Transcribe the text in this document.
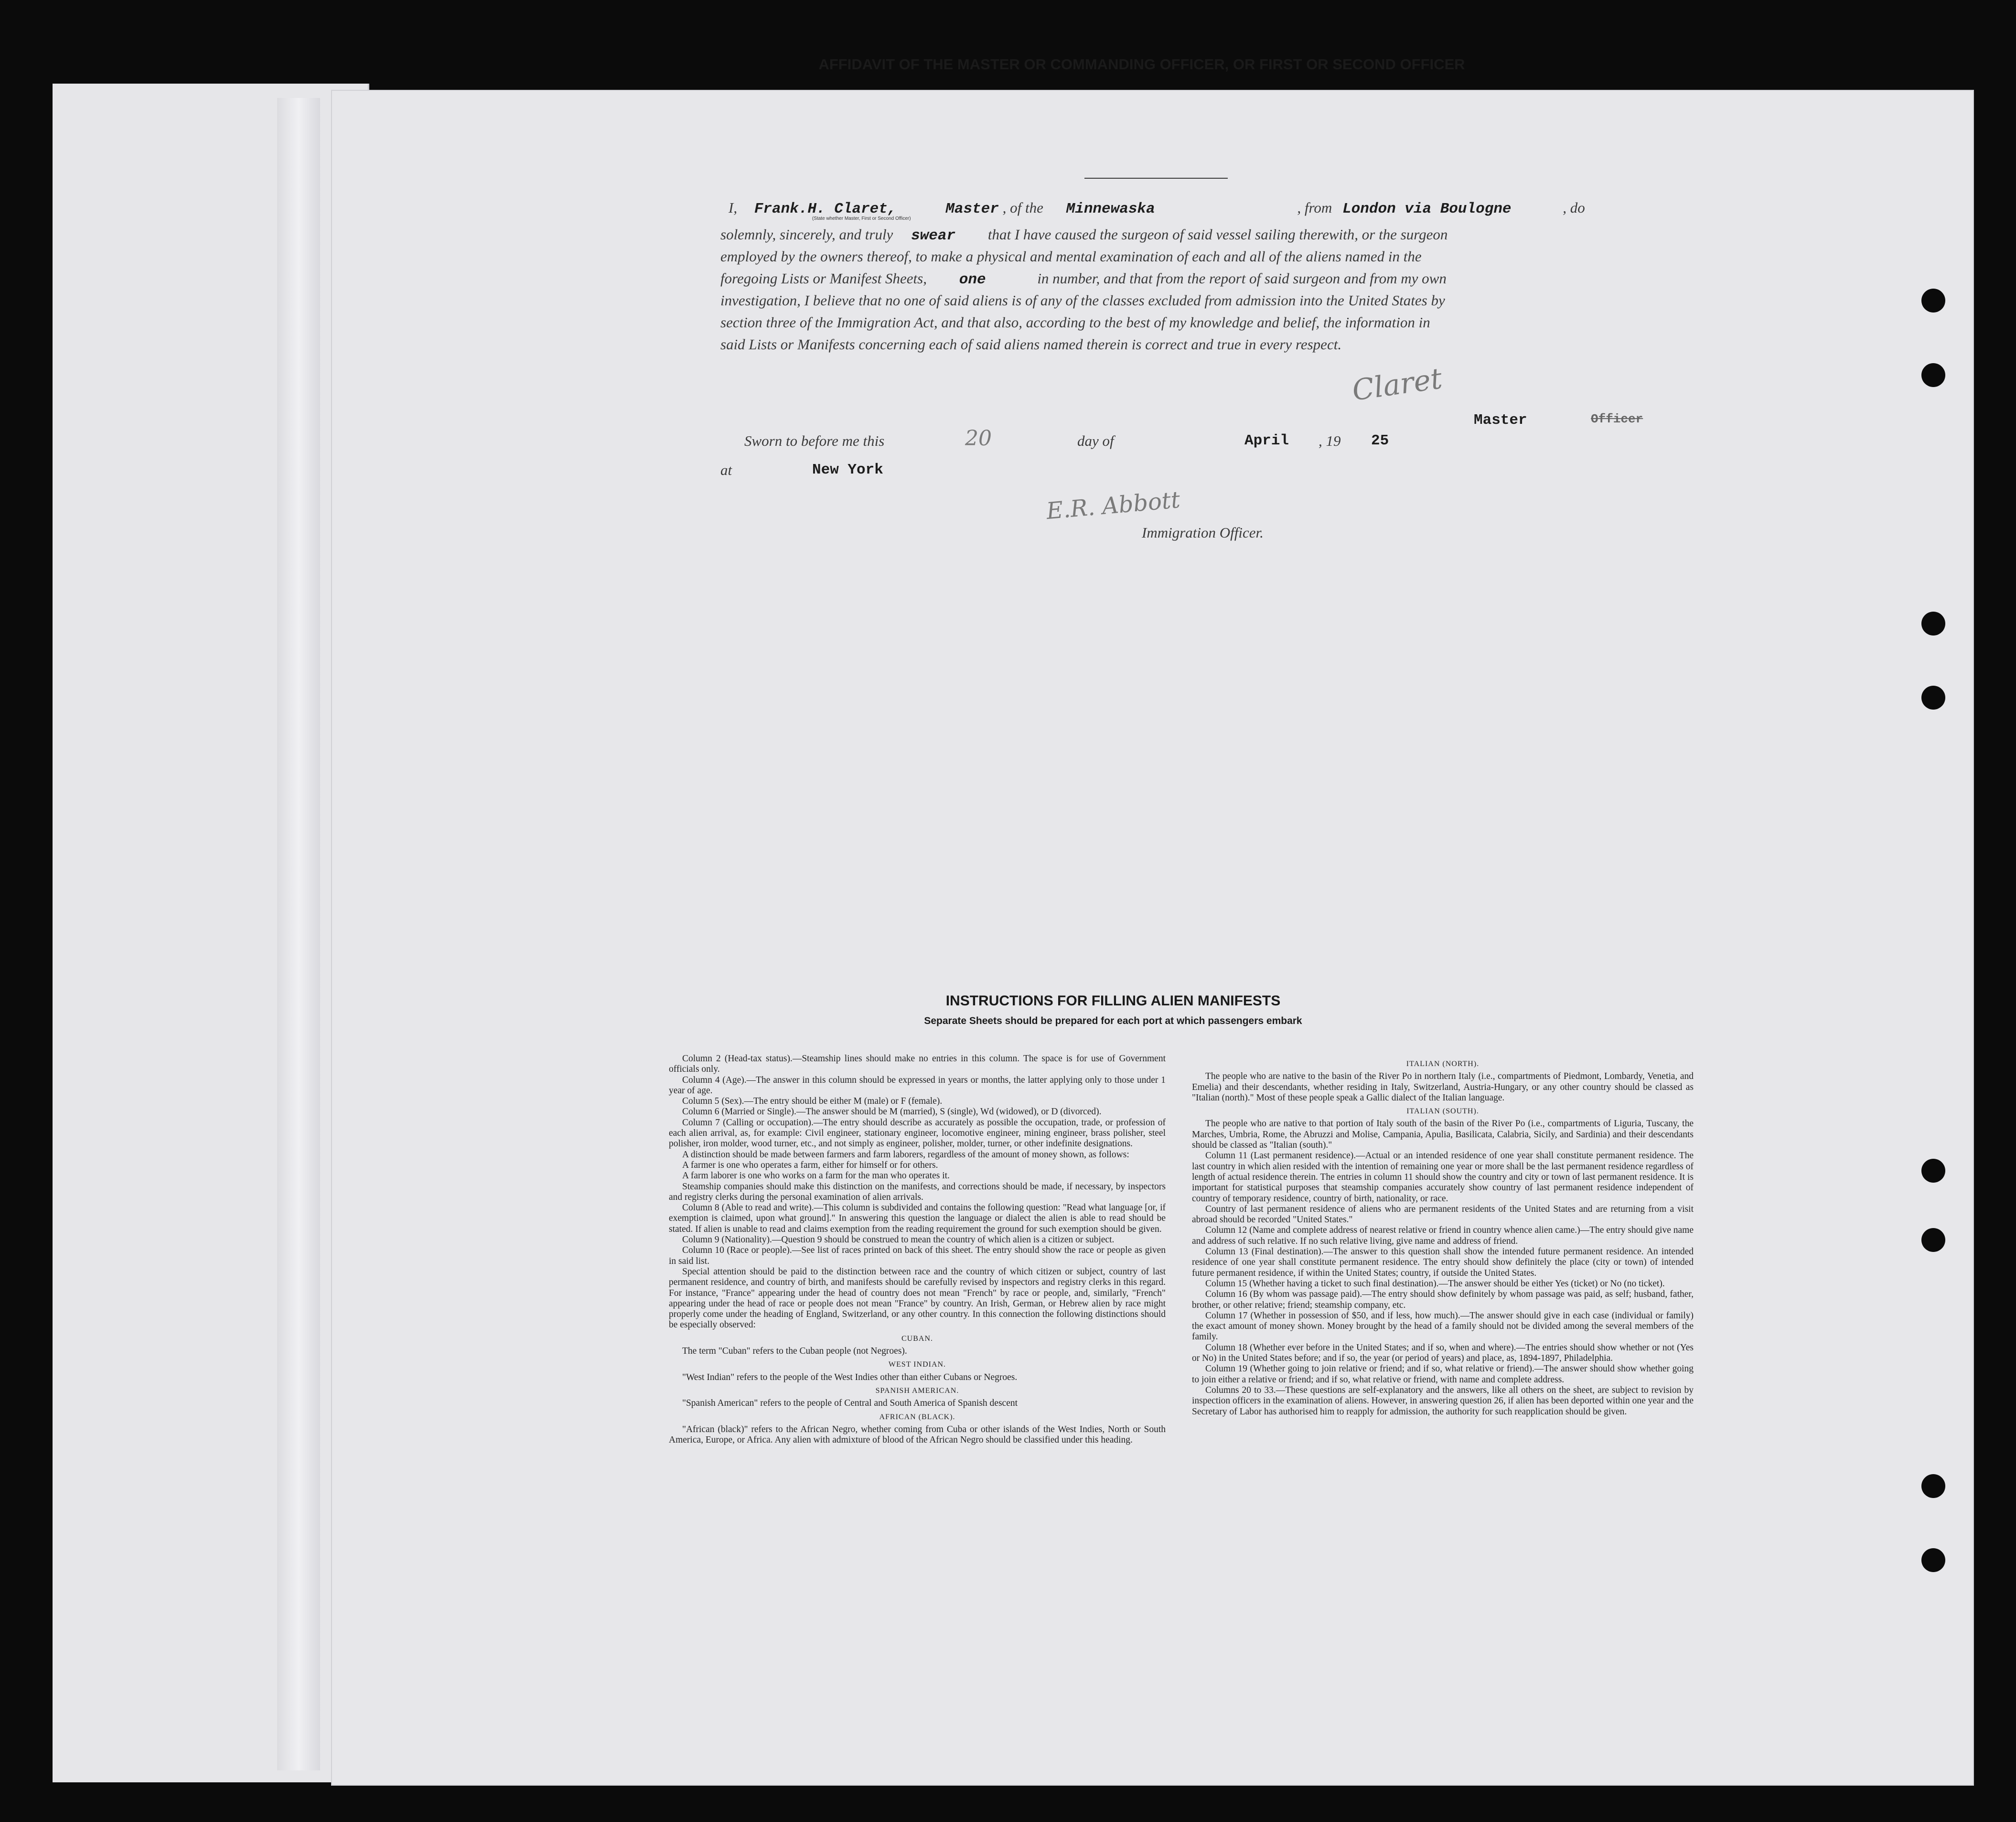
AFFIDAVIT OF THE MASTER OR COMMANDING OFFICER, OR FIRST OR SECOND OFFICER
I, Frank.H. Claret,	Master , of the Minnewaska	, from London via Boulogne	, do
(State whether Master, First or Second Officer)
solemnly, sincerely, and truly swear that I have caused the surgeon of said vessel sailing therewith, or the surgeon
employed by the owners thereof, to make a physical and mental examination of each and all of the aliens named in the
foregoing Lists or Manifest Sheets, one	in number, and that from the report of said surgeon and from my own
investigation, I believe that no one of said aliens is of any of the classes excluded from admission into the United States by
section three of the Immigration Act, and that also, according to the best of my knowledge and belief, the information in
said Lists or Manifests concerning each of said aliens named therein is correct and true in every respect.
Claret
Master	Officer
Sworn to before me this	20	day of	April , 19 25
at	New York
E.R. Abbott
Immigration Officer.
INSTRUCTIONS FOR FILLING ALIEN MANIFESTS
Separate Sheets should be prepared for each port at which passengers embark

Column 2 (Head-tax status).—Steamship lines should make no entries in this column. The space is for use of Government officials only.

Column 4 (Age).—The answer in this column should be expressed in years or months, the latter applying only to those under 1 year of age.

Column 5 (Sex).—The entry should be either M (male) or F (female).

Column 6 (Married or Single).—The answer should be M (married), S (single), Wd (widowed), or D (divorced).

Column 7 (Calling or occupation).—The entry should describe as accurately as possible the occupation, trade, or profession of each alien arrival, as, for example: Civil engineer, stationary engineer, locomotive engineer, mining engineer, brass polisher, steel polisher, iron molder, wood turner, etc., and not simply as engineer, polisher, molder, turner, or other indefinite designations.

A distinction should be made between farmers and farm laborers, regardless of the amount of money shown, as follows:

A farmer is one who operates a farm, either for himself or for others.

A farm laborer is one who works on a farm for the man who operates it.

Steamship companies should make this distinction on the manifests, and corrections should be made, if necessary, by inspectors and registry clerks during the personal examination of alien arrivals.

Column 8 (Able to read and write).—This column is subdivided and contains the following question: "Read what language [or, if exemption is claimed, upon what ground]." In answering this question the language or dialect the alien is able to read should be stated. If alien is unable to read and claims exemption from the reading requirement the ground for such exemption should be given.

Column 9 (Nationality).—Question 9 should be construed to mean the country of which alien is a citizen or subject.

Column 10 (Race or people).—See list of races printed on back of this sheet. The entry should show the race or people as given in said list.

Special attention should be paid to the distinction between race and the country of which citizen or subject, country of last permanent residence, and country of birth, and manifests should be carefully revised by inspectors and registry clerks in this regard. For instance, "France" appearing under the head of country does not mean "French" by race or people, and, similarly, "French" appearing under the head of race or people does not mean "France" by country. An Irish, German, or Hebrew alien by race might properly come under the heading of England, Switzerland, or any other country. In this connection the following distinctions should be especially observed:

CUBAN.

The term "Cuban" refers to the Cuban people (not Negroes).

WEST INDIAN.

"West Indian" refers to the people of the West Indies other than either Cubans or Negroes.

SPANISH AMERICAN.

"Spanish American" refers to the people of Central and South America of Spanish descent

AFRICAN (BLACK).

"African (black)" refers to the African Negro, whether coming from Cuba or other islands of the West Indies, North or South America, Europe, or Africa. Any alien with admixture of blood of the African Negro should be classified under this heading.

ITALIAN (NORTH).

The people who are native to the basin of the River Po in northern Italy (i.e., compartments of Piedmont, Lombardy, Venetia, and Emelia) and their descendants, whether residing in Italy, Switzerland, Austria-Hungary, or any other country should be classed as "Italian (north)." Most of these people speak a Gallic dialect of the Italian language.

ITALIAN (SOUTH).

The people who are native to that portion of Italy south of the basin of the River Po (i.e., compartments of Liguria, Tuscany, the Marches, Umbria, Rome, the Abruzzi and Molise, Campania, Apulia, Basilicata, Calabria, Sicily, and Sardinia) and their descendants should be classed as "Italian (south)."

Column 11 (Last permanent residence).—Actual or an intended residence of one year shall constitute permanent residence. The last country in which alien resided with the intention of remaining one year or more shall be the last permanent residence regardless of length of actual residence therein. The entries in column 11 should show the country and city or town of last permanent residence. It is important for statistical purposes that steamship companies accurately show country of last permanent residence independent of country of temporary residence, country of birth, nationality, or race.

Country of last permanent residence of aliens who are permanent residents of the United States and are returning from a visit abroad should be recorded "United States."

Column 12 (Name and complete address of nearest relative or friend in country whence alien came.)—The entry should give name and address of such relative. If no such relative living, give name and address of friend.

Column 13 (Final destination).—The answer to this question shall show the intended future permanent residence. An intended residence of one year shall constitute permanent residence. The entry should show definitely the place (city or town) of intended future permanent residence, if within the United States; country, if outside the United States.

Column 15 (Whether having a ticket to such final destination).—The answer should be either Yes (ticket) or No (no ticket).

Column 16 (By whom was passage paid).—The entry should show definitely by whom passage was paid, as self; husband, father, brother, or other relative; friend; steamship company, etc.

Column 17 (Whether in possession of $50, and if less, how much).—The answer should give in each case (individual or family) the exact amount of money shown. Money brought by the head of a family should not be divided among the several members of the family.

Column 18 (Whether ever before in the United States; and if so, when and where).—The entries should show whether or not (Yes or No) in the United States before; and if so, the year (or period of years) and place, as, 1894-1897, Philadelphia.

Column 19 (Whether going to join relative or friend; and if so, what relative or friend).—The answer should show whether going to join either a relative or friend; and if so, what relative or friend, with name and complete address.

Columns 20 to 33.—These questions are self-explanatory and the answers, like all others on the sheet, are subject to revision by inspection officers in the examination of aliens. However, in answering question 26, if alien has been deported within one year and the Secretary of Labor has authorised him to reapply for admission, the authority for such reapplication should be given.
